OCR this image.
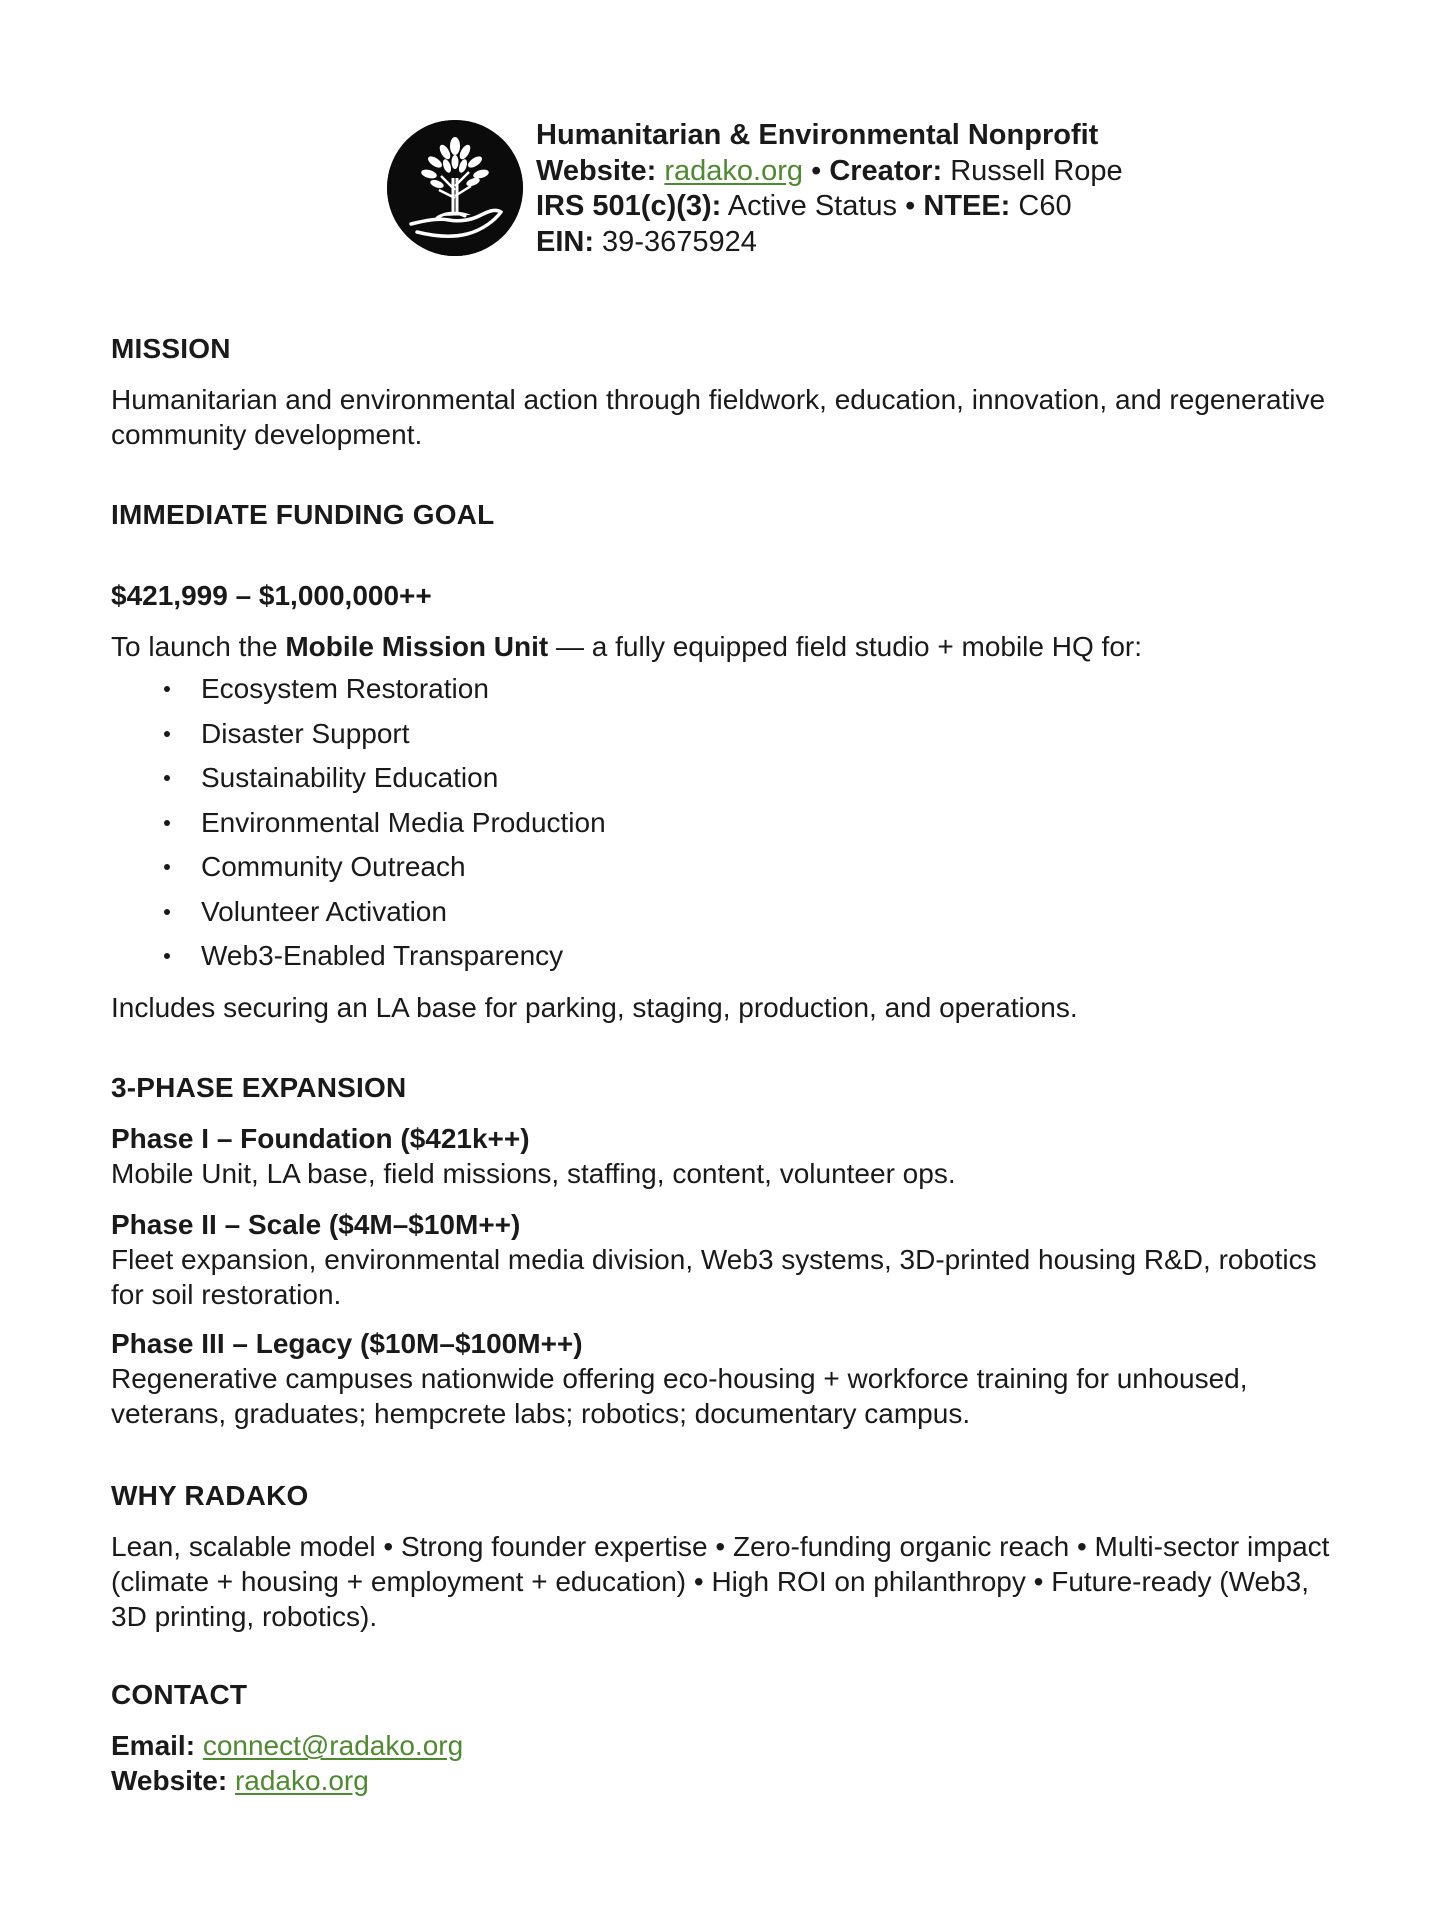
Humanitarian & Environmental Nonprofit
Website: radako.org • Creator: Russell Rope
IRS 501(c)(3): Active Status • NTEE: C60
EIN: 39-3675924
MISSION
Humanitarian and environmental action through fieldwork, education, innovation, and regenerative community development.
IMMEDIATE FUNDING GOAL
$421,999 – $1,000,000++
To launch the Mobile Mission Unit — a fully equipped field studio + mobile HQ for:
Ecosystem Restoration
Disaster Support
Sustainability Education
Environmental Media Production
Community Outreach
Volunteer Activation
Web3-Enabled Transparency
Includes securing an LA base for parking, staging, production, and operations.
3-PHASE EXPANSION
Phase I – Foundation ($421k++)
Mobile Unit, LA base, field missions, staffing, content, volunteer ops.
Phase II – Scale ($4M–$10M++)
Fleet expansion, environmental media division, Web3 systems, 3D-printed housing R&D, robotics for soil restoration.
Phase III – Legacy ($10M–$100M++)
Regenerative campuses nationwide offering eco-housing + workforce training for unhoused, veterans, graduates; hempcrete labs; robotics; documentary campus.
WHY RADAKO
Lean, scalable model • Strong founder expertise • Zero-funding organic reach • Multi-sector impact (climate + housing + employment + education) • High ROI on philanthropy • Future-ready (Web3, 3D printing, robotics).
CONTACT
Email: connect@radako.org
Website: radako.org
